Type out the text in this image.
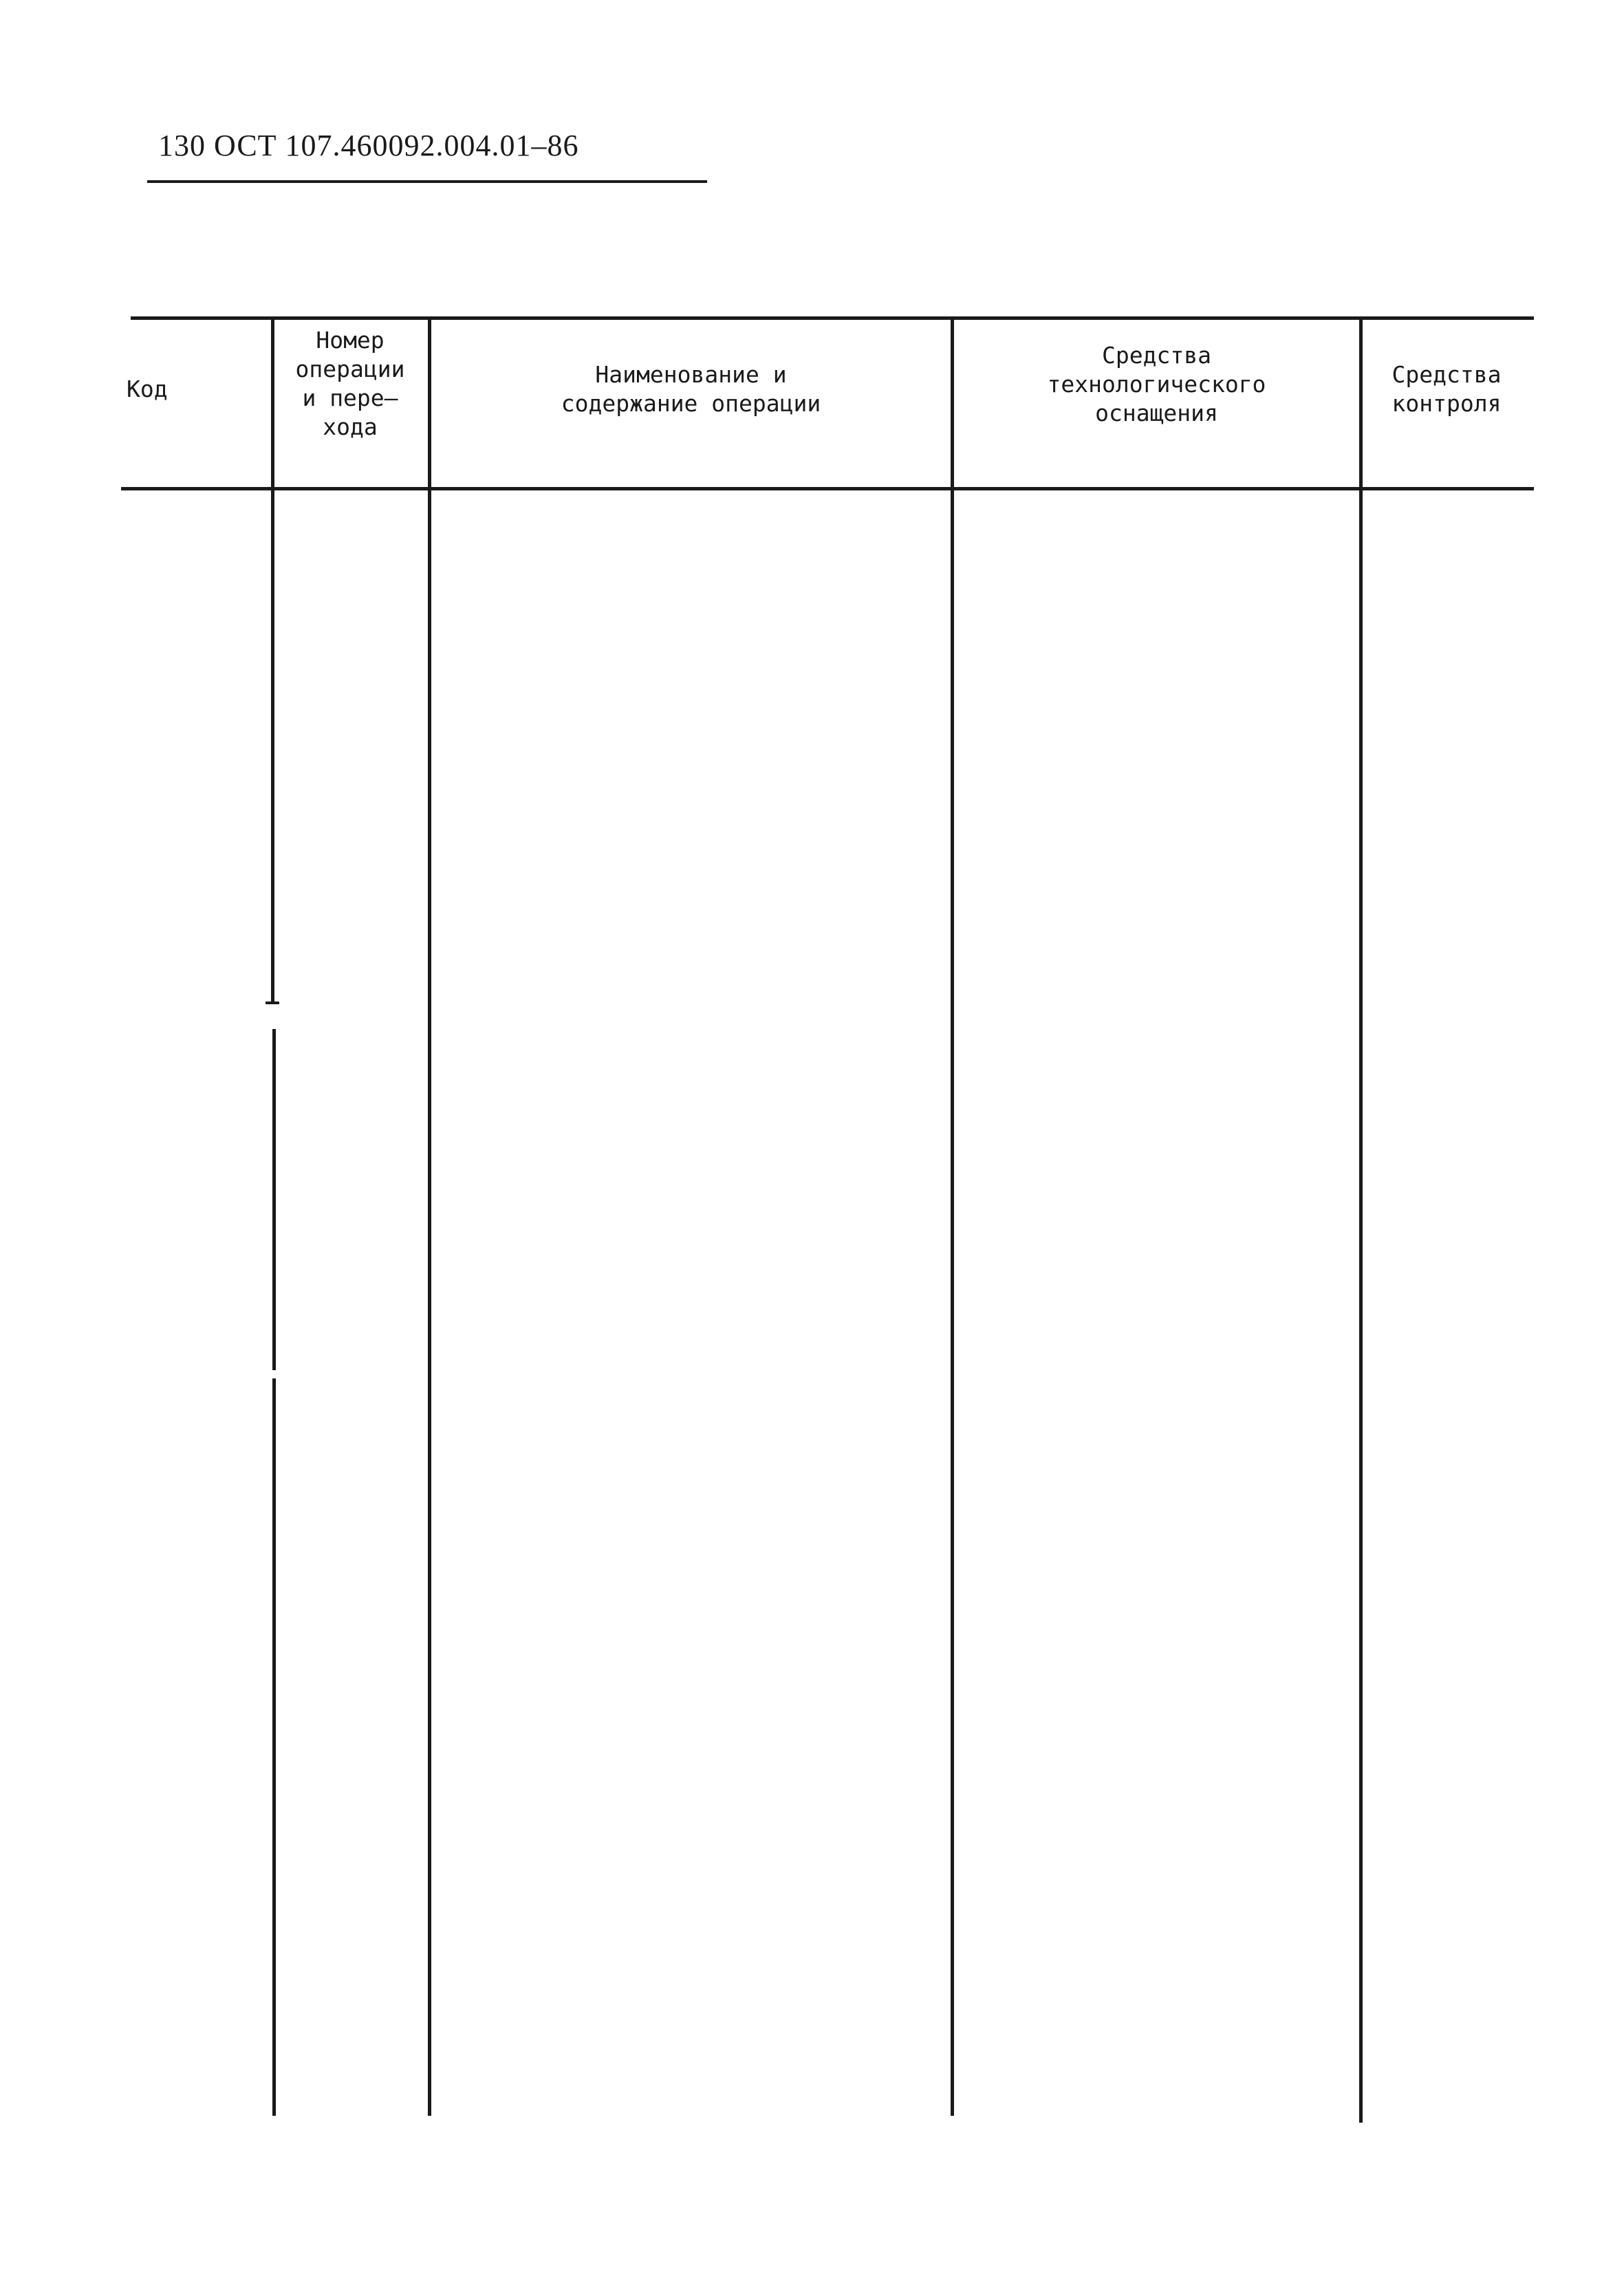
130 ОСТ 107.460092.004.01–86
Код
Номер
операции
и пере–
хода
Наименование и
содержание операции
Средства
технологического
оснащения
Средства
контроля
